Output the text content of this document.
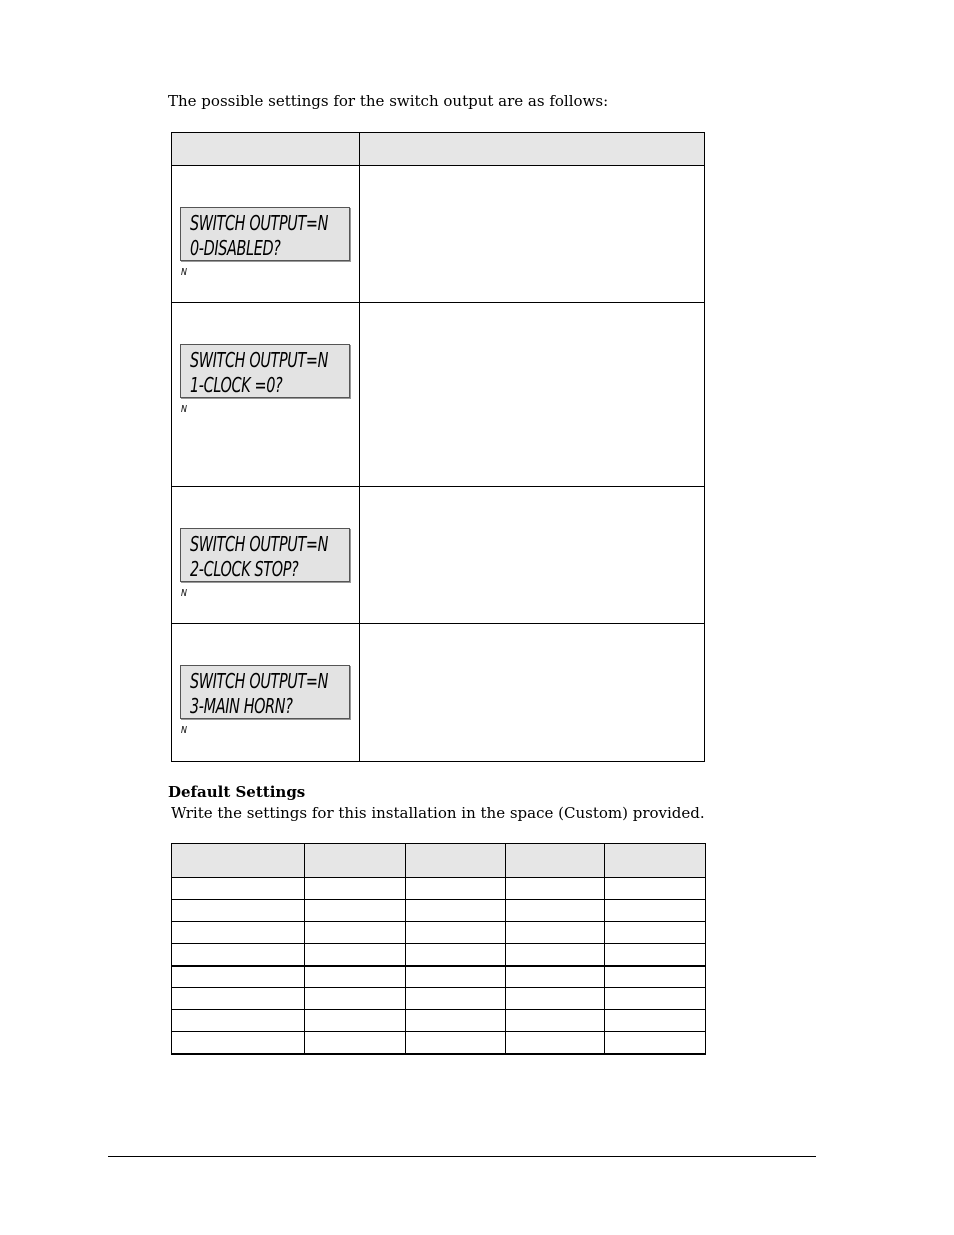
The possible settings for the switch output are as follows:

SWITCH OUTPUT=N
0-DISABLED?
N
SWITCH OUTPUT=N
1-CLOCK =0?
N
SWITCH OUTPUT=N
2-CLOCK STOP?
N
SWITCH OUTPUT=N
3-MAIN HORN?
N
Default Settings

Write the settings for this installation in the space (Custom) provided.
